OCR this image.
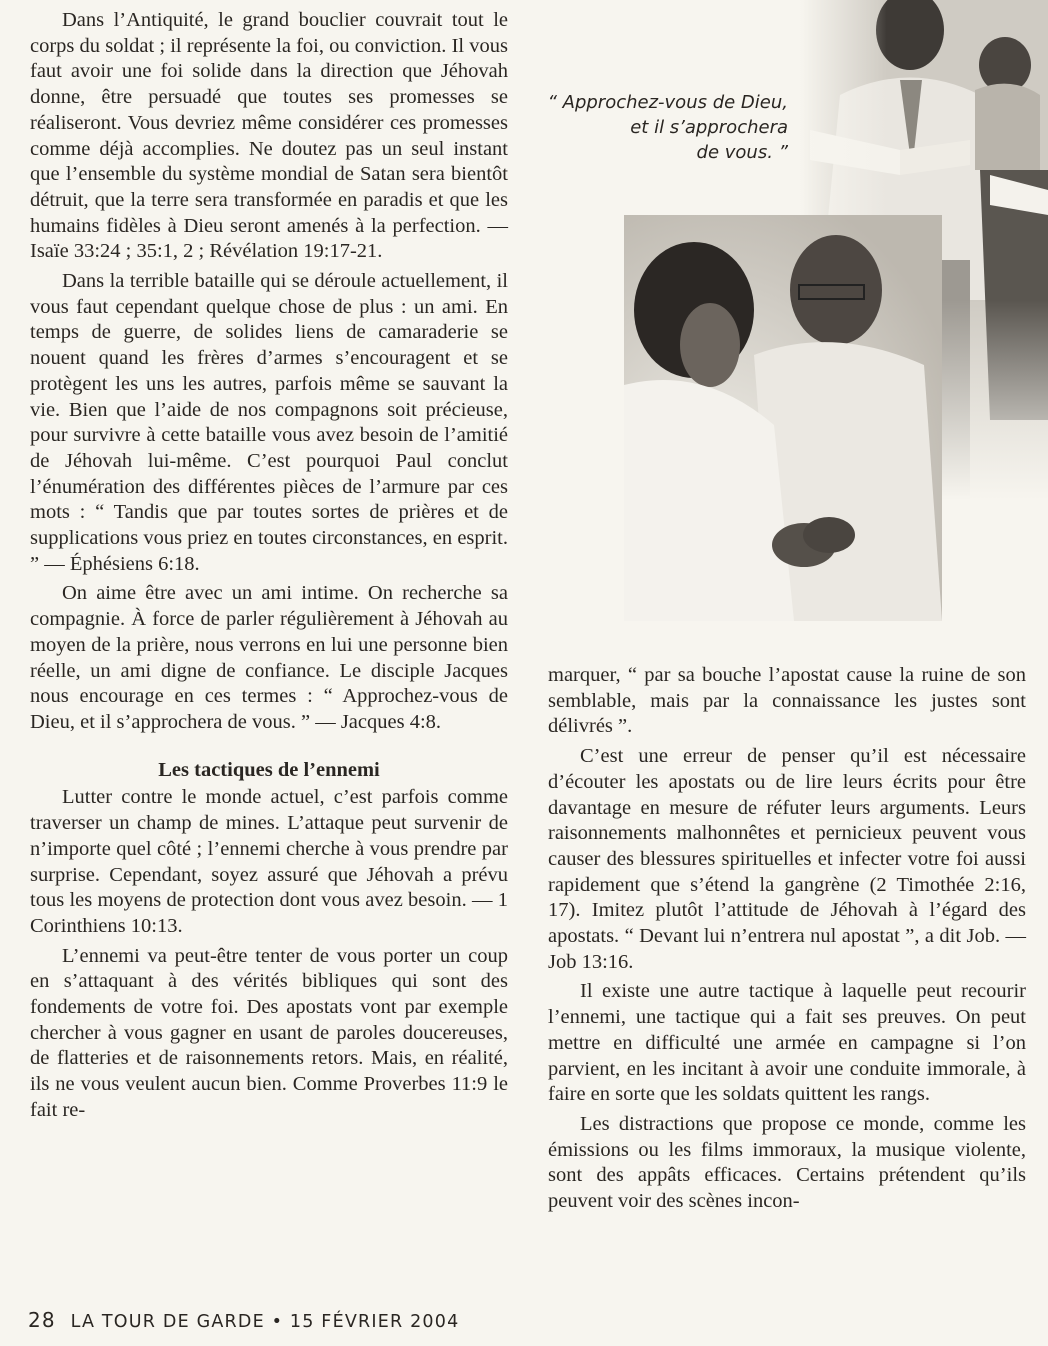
Dans l’Antiquité, le grand bouclier couvrait tout le corps du soldat ; il représente la foi, ou conviction. Il vous faut avoir une foi solide dans la direction que Jéhovah donne, être persuadé que toutes ses promesses se réaliseront. Vous devriez même considérer ces promesses comme déjà accomplies. Ne doutez pas un seul instant que l’ensemble du système mondial de Satan sera bientôt détruit, que la terre sera transformée en paradis et que les humains fidèles à Dieu seront amenés à la perfection. — Isaïe 33:24 ; 35:1, 2 ; Révélation 19:17-21.

Dans la terrible bataille qui se déroule actuellement, il vous faut cependant quelque chose de plus : un ami. En temps de guerre, de solides liens de camaraderie se nouent quand les frères d’armes s’encouragent et se protègent les uns les autres, parfois même se sauvant la vie. Bien que l’aide de nos compagnons soit précieuse, pour survivre à cette bataille vous avez besoin de l’amitié de Jéhovah lui-même. C’est pourquoi Paul conclut l’énumération des différentes pièces de l’armure par ces mots : “ Tandis que par toutes sortes de prières et de supplications vous priez en toutes circonstances, en esprit. ” — Éphésiens 6:18.

On aime être avec un ami intime. On recherche sa compagnie. À force de parler régulièrement à Jéhovah au moyen de la prière, nous verrons en lui une personne bien réelle, un ami digne de confiance. Le disciple Jacques nous encourage en ces termes : “ Approchez-vous de Dieu, et il s’approchera de vous. ” — Jacques 4:8.

Les tactiques de l’ennemi

Lutter contre le monde actuel, c’est parfois comme traverser un champ de mines. L’attaque peut survenir de n’importe quel côté ; l’ennemi cherche à vous prendre par surprise. Cependant, soyez assuré que Jéhovah a prévu tous les moyens de protection dont vous avez besoin. — 1 Corinthiens 10:13.

L’ennemi va peut-être tenter de vous porter un coup en s’attaquant à des vérités bibliques qui sont des fondements de votre foi. Des apostats vont par exemple chercher à vous gagner en usant de paroles doucereuses, de flatteries et de raisonnements retors. Mais, en réalité, ils ne vous veulent aucun bien. Comme Proverbes 11:9 le fait re-

“ Approchez-vous de Dieu,
et il s’approchera
de vous. ”

marquer, “ par sa bouche l’apostat cause la ruine de son semblable, mais par la connaissance les justes sont délivrés ”.

C’est une erreur de penser qu’il est nécessaire d’écouter les apostats ou de lire leurs écrits pour être davantage en mesure de réfuter leurs arguments. Leurs raisonnements malhonnêtes et pernicieux peuvent vous causer des blessures spirituelles et infecter votre foi aussi rapidement que s’étend la gangrène (2 Timothée 2:16, 17). Imitez plutôt l’attitude de Jéhovah à l’égard des apostats. “ Devant lui n’entrera nul apostat ”, a dit Job. — Job 13:16.

Il existe une autre tactique à laquelle peut recourir l’ennemi, une tactique qui a fait ses preuves. On peut mettre en difficulté une armée en campagne si l’on parvient, en les incitant à avoir une conduite immorale, à faire en sorte que les soldats quittent les rangs.

Les distractions que propose ce monde, comme les émissions ou les films immoraux, la musique violente, sont des appâts efficaces. Certains prétendent qu’ils peuvent voir des scènes incon-

28 LA TOUR DE GARDE • 15 FÉVRIER 2004
